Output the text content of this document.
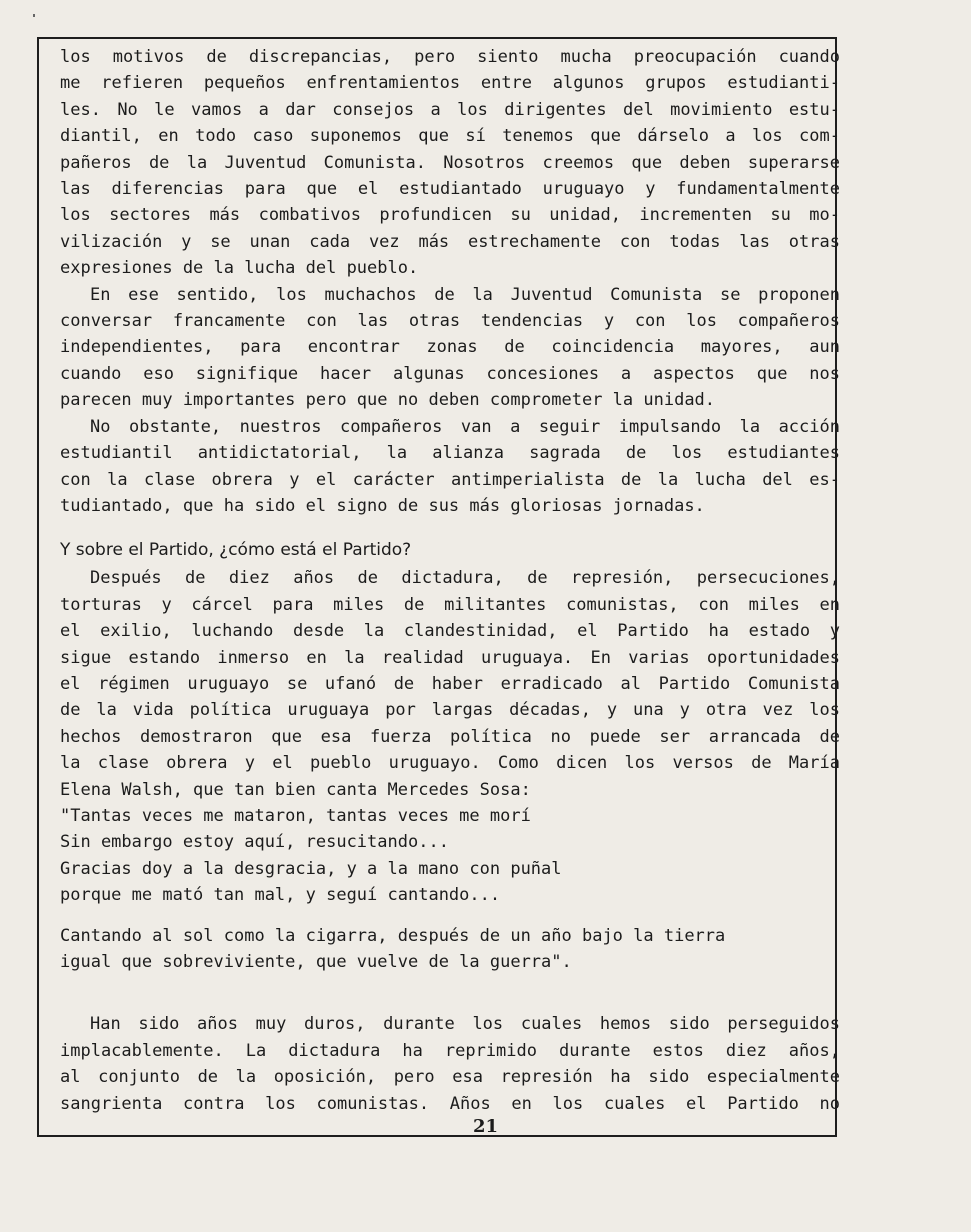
los motivos de discrepancias, pero siento mucha preocupación cuando
me refieren pequeños enfrentamientos entre algunos grupos estudianti-
les. No le vamos a dar consejos a los dirigentes del movimiento estu-
diantil, en todo caso suponemos que sí tenemos que dárselo a los com-
pañeros de la Juventud Comunista. Nosotros creemos que deben superarse
las diferencias para que el estudiantado uruguayo y fundamentalmente
los sectores más combativos profundicen su unidad, incrementen su mo-
vilización y se unan cada vez más estrechamente con todas las otras
expresiones de la lucha del pueblo.
En ese sentido, los muchachos de la Juventud Comunista se proponen
conversar francamente con las otras tendencias y con los compañeros
independientes, para encontrar zonas de coincidencia mayores, aun
cuando eso signifique hacer algunas concesiones a aspectos que nos
parecen muy importantes pero que no deben comprometer la unidad.
No obstante, nuestros compañeros van a seguir impulsando la acción
estudiantil antidictatorial, la alianza sagrada de los estudiantes
con la clase obrera y el carácter antimperialista de la lucha del es-
tudiantado, que ha sido el signo de sus más gloriosas jornadas.
Y sobre el Partido, ¿cómo está el Partido?
Después de diez años de dictadura, de represión, persecuciones,
torturas y cárcel para miles de militantes comunistas, con miles en
el exilio, luchando desde la clandestinidad, el Partido ha estado y
sigue estando inmerso en la realidad uruguaya. En varias oportunidades
el régimen uruguayo se ufanó de haber erradicado al Partido Comunista
de la vida política uruguaya por largas décadas, y una y otra vez los
hechos demostraron que esa fuerza política no puede ser arrancada de
la clase obrera y el pueblo uruguayo. Como dicen los versos de María
Elena Walsh, que tan bien canta Mercedes Sosa:
"Tantas veces me mataron, tantas veces me morí
Sin embargo estoy aquí, resucitando...
Gracias doy a la desgracia, y a la mano con puñal
porque me mató tan mal, y seguí cantando...
Cantando al sol como la cigarra, después de un año bajo la tierra
igual que sobreviviente, que vuelve de la guerra".
Han sido años muy duros, durante los cuales hemos sido perseguidos
implacablemente. La dictadura ha reprimido durante estos diez años,
al conjunto de la oposición, pero esa represión ha sido especialmente
sangrienta contra los comunistas. Años en los cuales el Partido no
21
